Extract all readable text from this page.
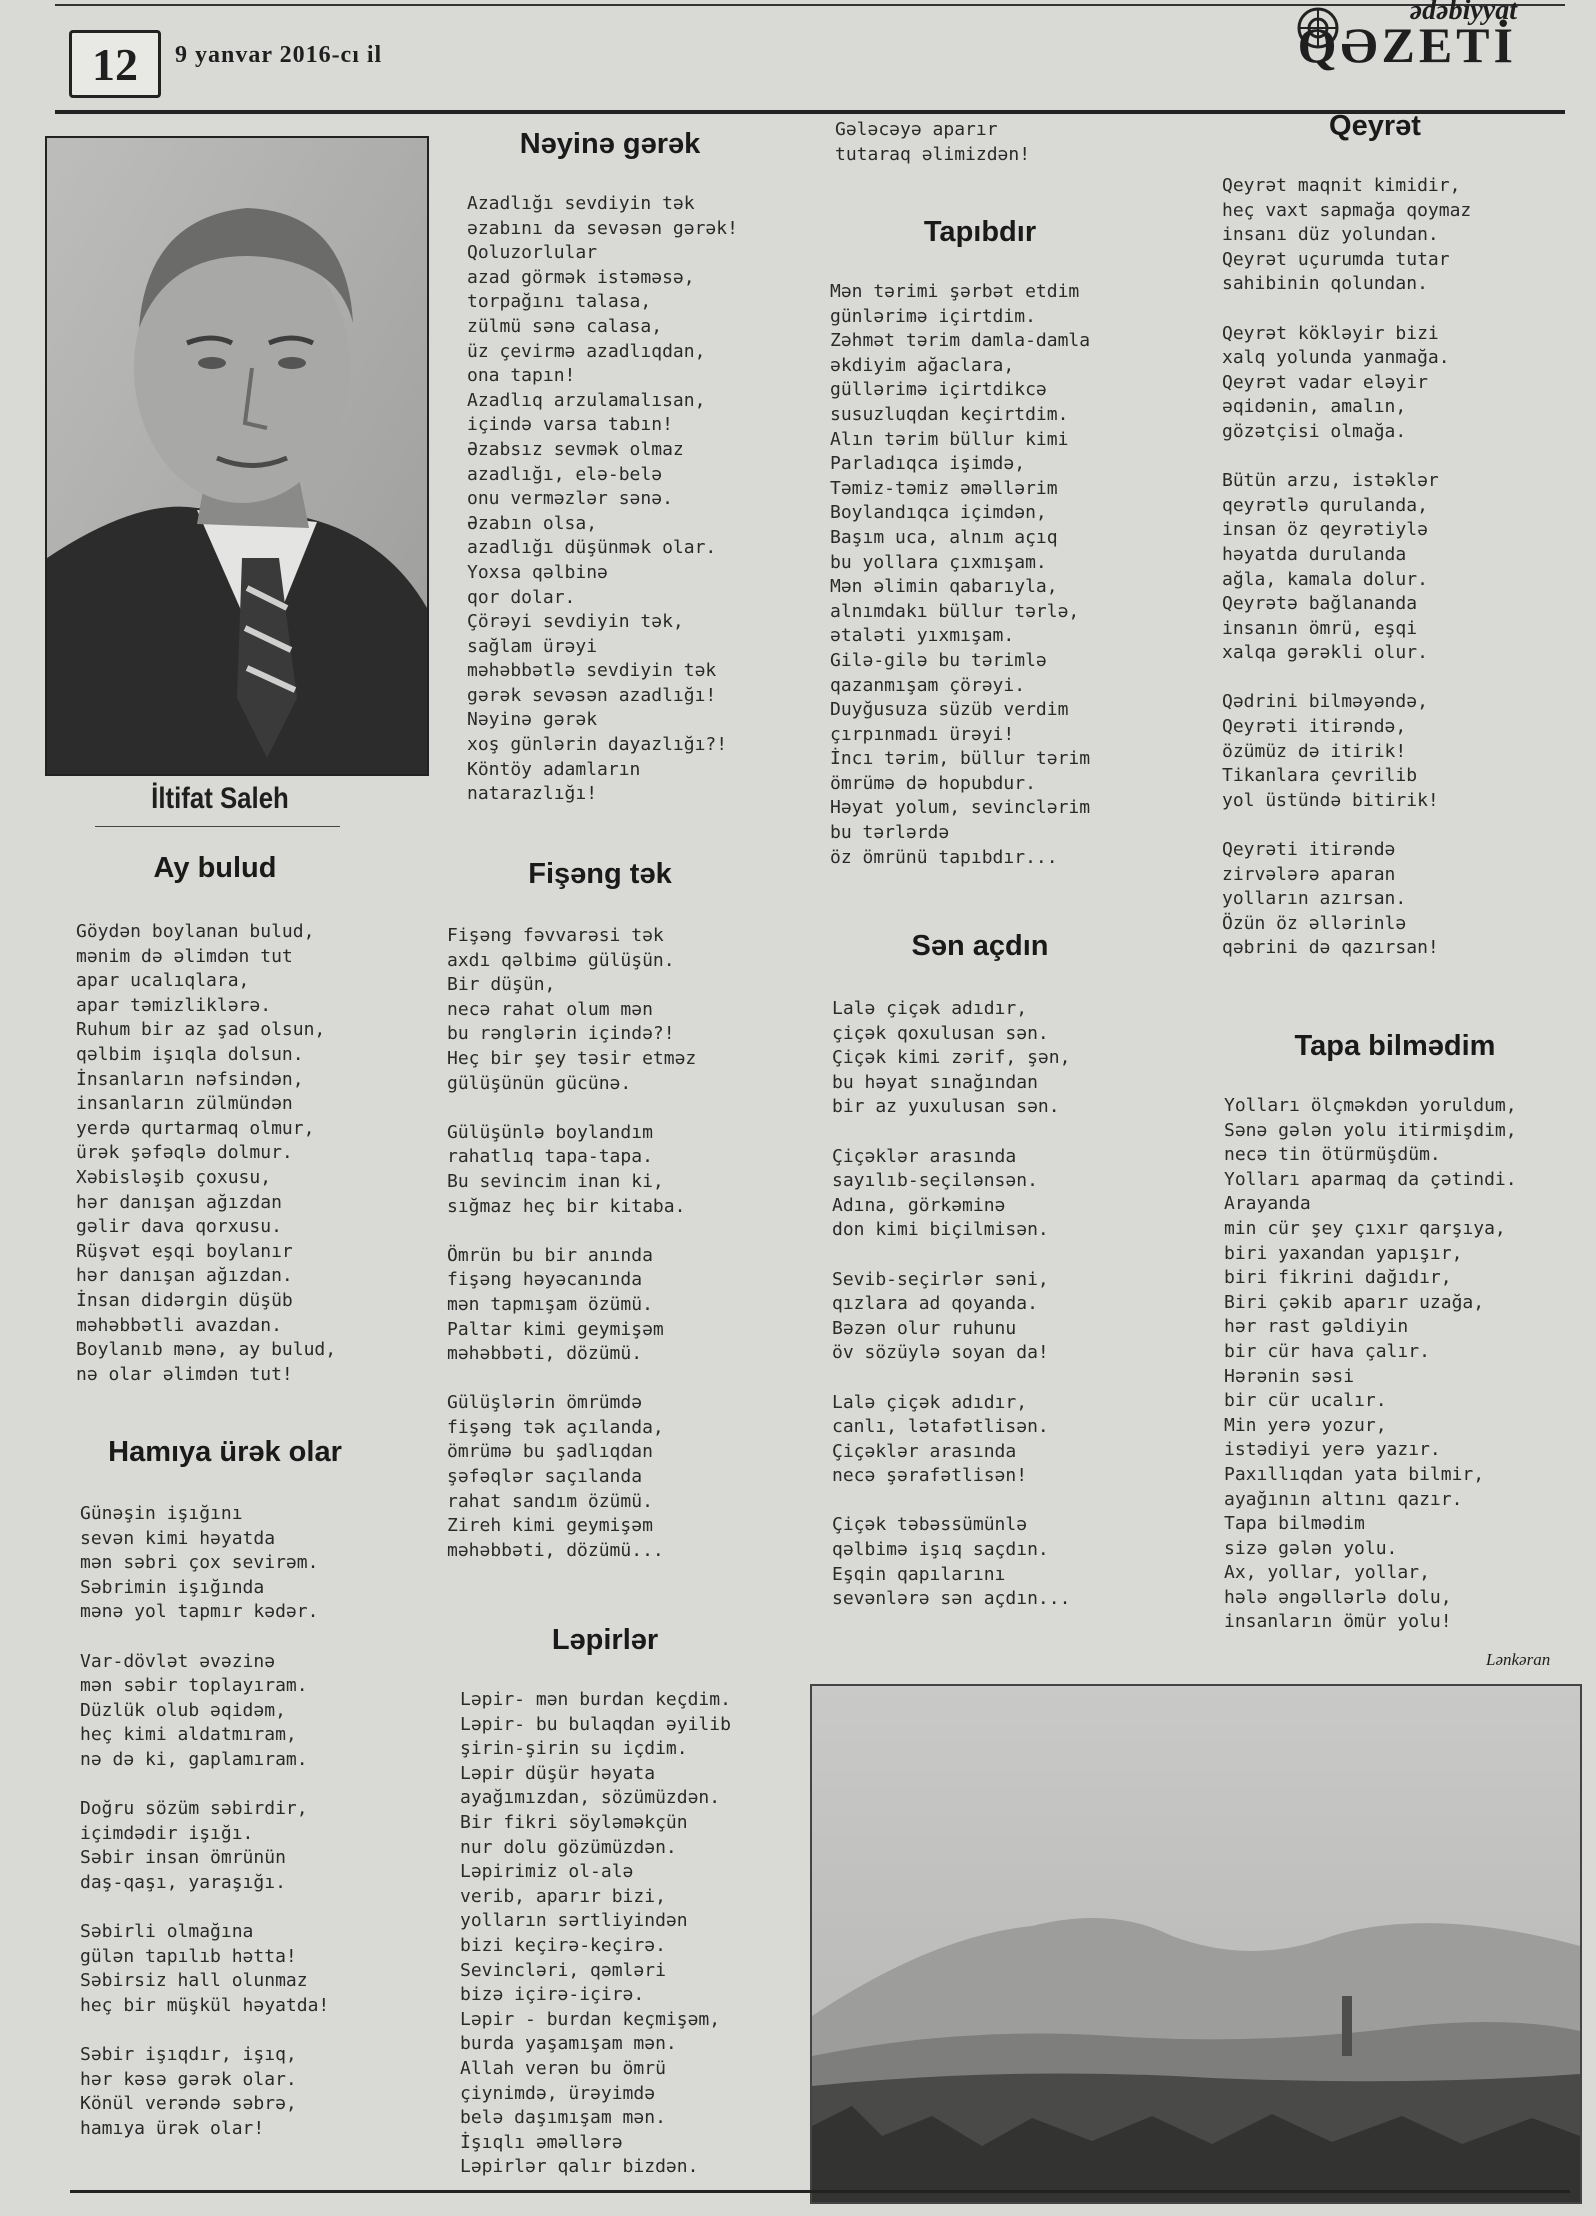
12	9 yanvar 2016-cı il
ədəbiyyat
QƏZETİ
İltifat Saleh
Ay bulud
Göydən boylanan bulud,
mənim də əlimdən tut
apar ucalıqlara,
apar təmizliklərə.
Ruhum bir az şad olsun,
qəlbim işıqla dolsun.
İnsanların nəfsindən,
insanların zülmündən
yerdə qurtarmaq olmur,
ürək şəfəqlə dolmur.
Xəbisləşib çoxusu,
hər danışan ağızdan
gəlir dava qorxusu.
Rüşvət eşqi boylanır
hər danışan ağızdan.
İnsan didərgin düşüb
məhəbbətli avazdan.
Boylanıb mənə, ay bulud,
nə olar əlimdən tut!
Hamıya ürək olar
Günəşin işığını
sevən kimi həyatda
mən səbri çox sevirəm.
Səbrimin işığında
mənə yol tapmır kədər.

Var-dövlət əvəzinə
mən səbir toplayıram.
Düzlük olub əqidəm,
heç kimi aldatmıram,
nə də ki, gaplamıram.

Doğru sözüm səbirdir,
içimdədir işığı.
Səbir insan ömrünün
daş-qaşı, yaraşığı.

Səbirli olmağına
gülən tapılıb hətta!
Səbirsiz hall olunmaz
heç bir müşkül həyatda!

Səbir işıqdır, işıq,
hər kəsə gərək olar.
Könül verəndə səbrə,
hamıya ürək olar!
Nəyinə gərək
Azadlığı sevdiyin tək
əzabını da sevəsən gərək!
Qoluzorlular
azad görmək istəməsə,
torpağını talasa,
zülmü sənə calasa,
üz çevirmə azadlıqdan,
ona tapın!
Azadlıq arzulamalısan,
içində varsa tabın!
Əzabsız sevmək olmaz
azadlığı, elə-belə
onu verməzlər sənə.
Əzabın olsa,
azadlığı düşünmək olar.
Yoxsa qəlbinə
qor dolar.
Çörəyi sevdiyin tək,
sağlam ürəyi
məhəbbətlə sevdiyin tək
gərək sevəsən azadlığı!
Nəyinə gərək
xoş günlərin dayazlığı?!
Köntöy adamların
natarazlığı!
Fişəng tək
Fişəng fəvvarəsi tək
axdı qəlbimə gülüşün.
Bir düşün,
necə rahat olum mən
bu rənglərin içində?!
Heç bir şey təsir etməz
gülüşünün gücünə.

Gülüşünlə boylandım
rahatlıq tapa-tapa.
Bu sevincim inan ki,
sığmaz heç bir kitaba.

Ömrün bu bir anında
fişəng həyəcanında
mən tapmışam özümü.
Paltar kimi geymişəm
məhəbbəti, dözümü.

Gülüşlərin ömrümdə
fişəng tək açılanda,
ömrümə bu şadlıqdan
şəfəqlər saçılanda
rahat sandım özümü.
Zireh kimi geymişəm
məhəbbəti, dözümü...
Ləpirlər
Ləpir- mən burdan keçdim.
Ləpir- bu bulaqdan əyilib
şirin-şirin su içdim.
Ləpir düşür həyata
ayağımızdan, sözümüzdən.
Bir fikri söyləməkçün
nur dolu gözümüzdən.
Ləpirimiz ol-alə
verib, aparır bizi,
yolların sərtliyindən
bizi keçirə-keçirə.
Sevincləri, qəmləri
bizə içirə-içirə.
Ləpir - burdan keçmişəm,
burda yaşamışam mən.
Allah verən bu ömrü
çiynimdə, ürəyimdə
belə daşımışam mən.
İşıqlı əməllərə
Ləpirlər qalır bizdən.
Gələcəyə aparır
tutaraq əlimizdən!
Tapıbdır
Mən tərimi şərbət etdim
günlərimə içirtdim.
Zəhmət tərim damla-damla
əkdiyim ağaclara,
güllərimə içirtdikcə
susuzluqdan keçirtdim.
Alın tərim büllur kimi
Parladıqca işimdə,
Təmiz-təmiz əməllərim
Boylandıqca içimdən,
Başım uca, alnım açıq
bu yollara çıxmışam.
Mən əlimin qabarıyla,
alnımdakı büllur tərlə,
ətaləti yıxmışam.
Gilə-gilə bu tərimlə
qazanmışam çörəyi.
Duyğusuza süzüb verdim
çırpınmadı ürəyi!
İncı tərim, büllur tərim
ömrümə də hopubdur.
Həyat yolum, sevinclərim
bu tərlərdə
öz ömrünü tapıbdır...
Sən açdın
Lalə çiçək adıdır,
çiçək qoxulusan sən.
Çiçək kimi zərif, şən,
bu həyat sınağından
bir az yuxulusan sən.

Çiçəklər arasında
sayılıb-seçilənsən.
Adına, görkəminə
don kimi biçilmisən.

Sevib-seçirlər səni,
qızlara ad qoyanda.
Bəzən olur ruhunu
öv sözüylə soyan da!

Lalə çiçək adıdır,
canlı, lətafətlisən.
Çiçəklər arasında
necə şərafətlisən!

Çiçək təbəssümünlə
qəlbimə işıq saçdın.
Eşqin qapılarını
sevənlərə sən açdın...
Qeyrət
Qeyrət maqnit kimidir,
heç vaxt sapmağa qoymaz
insanı düz yolundan.
Qeyrət uçurumda tutar
sahibinin qolundan.

Qeyrət kökləyir bizi
xalq yolunda yanmağa.
Qeyrət vadar eləyir
əqidənin, amalın,
gözətçisi olmağa.

Bütün arzu, istəklər
qeyrətlə qurulanda,
insan öz qeyrətiylə
həyatda durulanda
ağla, kamala dolur.
Qeyrətə bağlananda
insanın ömrü, eşqi
xalqa gərəkli olur.

Qədrini bilməyəndə,
Qeyrəti itirəndə,
özümüz də itirik!
Tikanlara çevrilib
yol üstündə bitirik!

Qeyrəti itirəndə
zirvələrə aparan
yolların azırsan.
Özün öz əllərinlə
qəbrini də qazırsan!
Tapa bilmədim
Yolları ölçməkdən yoruldum,
Sənə gələn yolu itirmişdim,
necə tin ötürmüşdüm.
Yolları aparmaq da çətindi.
Arayanda
min cür şey çıxır qarşıya,
biri yaxandan yapışır,
biri fikrini dağıdır,
Biri çəkib aparır uzağa,
hər rast gəldiyin
bir cür hava çalır.
Hərənin səsi
bir cür ucalır.
Min yerə yozur,
istədiyi yerə yazır.
Paxıllıqdan yata bilmir,
ayağının altını qazır.
Tapa bilmədim
sizə gələn yolu.
Ax, yollar, yollar,
hələ əngəllərlə dolu,
insanların ömür yolu!
Lənkəran
